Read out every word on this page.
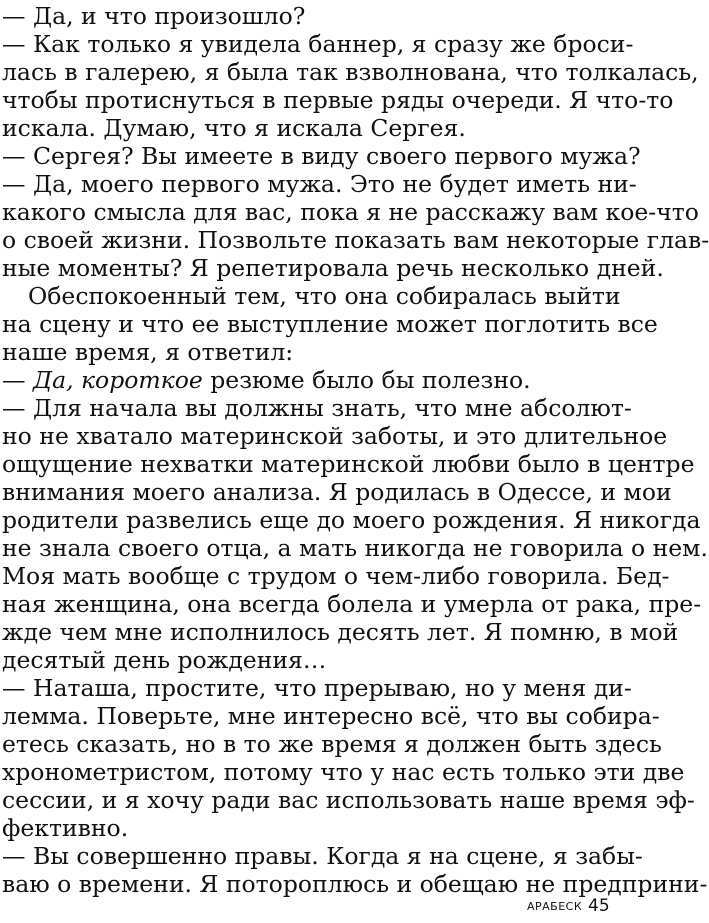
— Да, и что произошло?
— Как только я увидела баннер, я сразу же броси-
лась в галерею, я была так взволнована, что толкалась,
чтобы протиснуться в первые ряды очереди. Я что-то
искала. Думаю, что я искала Сергея.
— Сергея? Вы имеете в виду своего первого мужа?
— Да, моего первого мужа. Это не будет иметь ни-
какого смысла для вас, пока я не расскажу вам кое-что
о своей жизни. Позвольте показать вам некоторые глав-
ные моменты? Я репетировала речь несколько дней.
Обеспокоенный тем, что она собиралась выйти
на сцену и что ее выступление может поглотить все
наше время, я ответил:
— Да, короткое резюме было бы полезно.
— Для начала вы должны знать, что мне абсолют-
но не хватало материнской заботы, и это длительное
ощущение нехватки материнской любви было в центре
внимания моего анализа. Я родилась в Одессе, и мои
родители развелись еще до моего рождения. Я никогда
не знала своего отца, а мать никогда не говорила о нем.
Моя мать вообще с трудом о чем-либо говорила. Бед-
ная женщина, она всегда болела и умерла от рака, пре-
жде чем мне исполнилось десять лет. Я помню, в мой
десятый день рождения…
— Наташа, простите, что прерываю, но у меня ди-
лемма. Поверьте, мне интересно всё, что вы собира-
етесь сказать, но в то же время я должен быть здесь
хронометристом, потому что у нас есть только эти две
сессии, и я хочу ради вас использовать наше время эф-
фективно.
— Вы совершенно правы. Когда я на сцене, я забы-
ваю о времени. Я потороплюсь и обещаю не предприни-
АРАБЕСК 45
